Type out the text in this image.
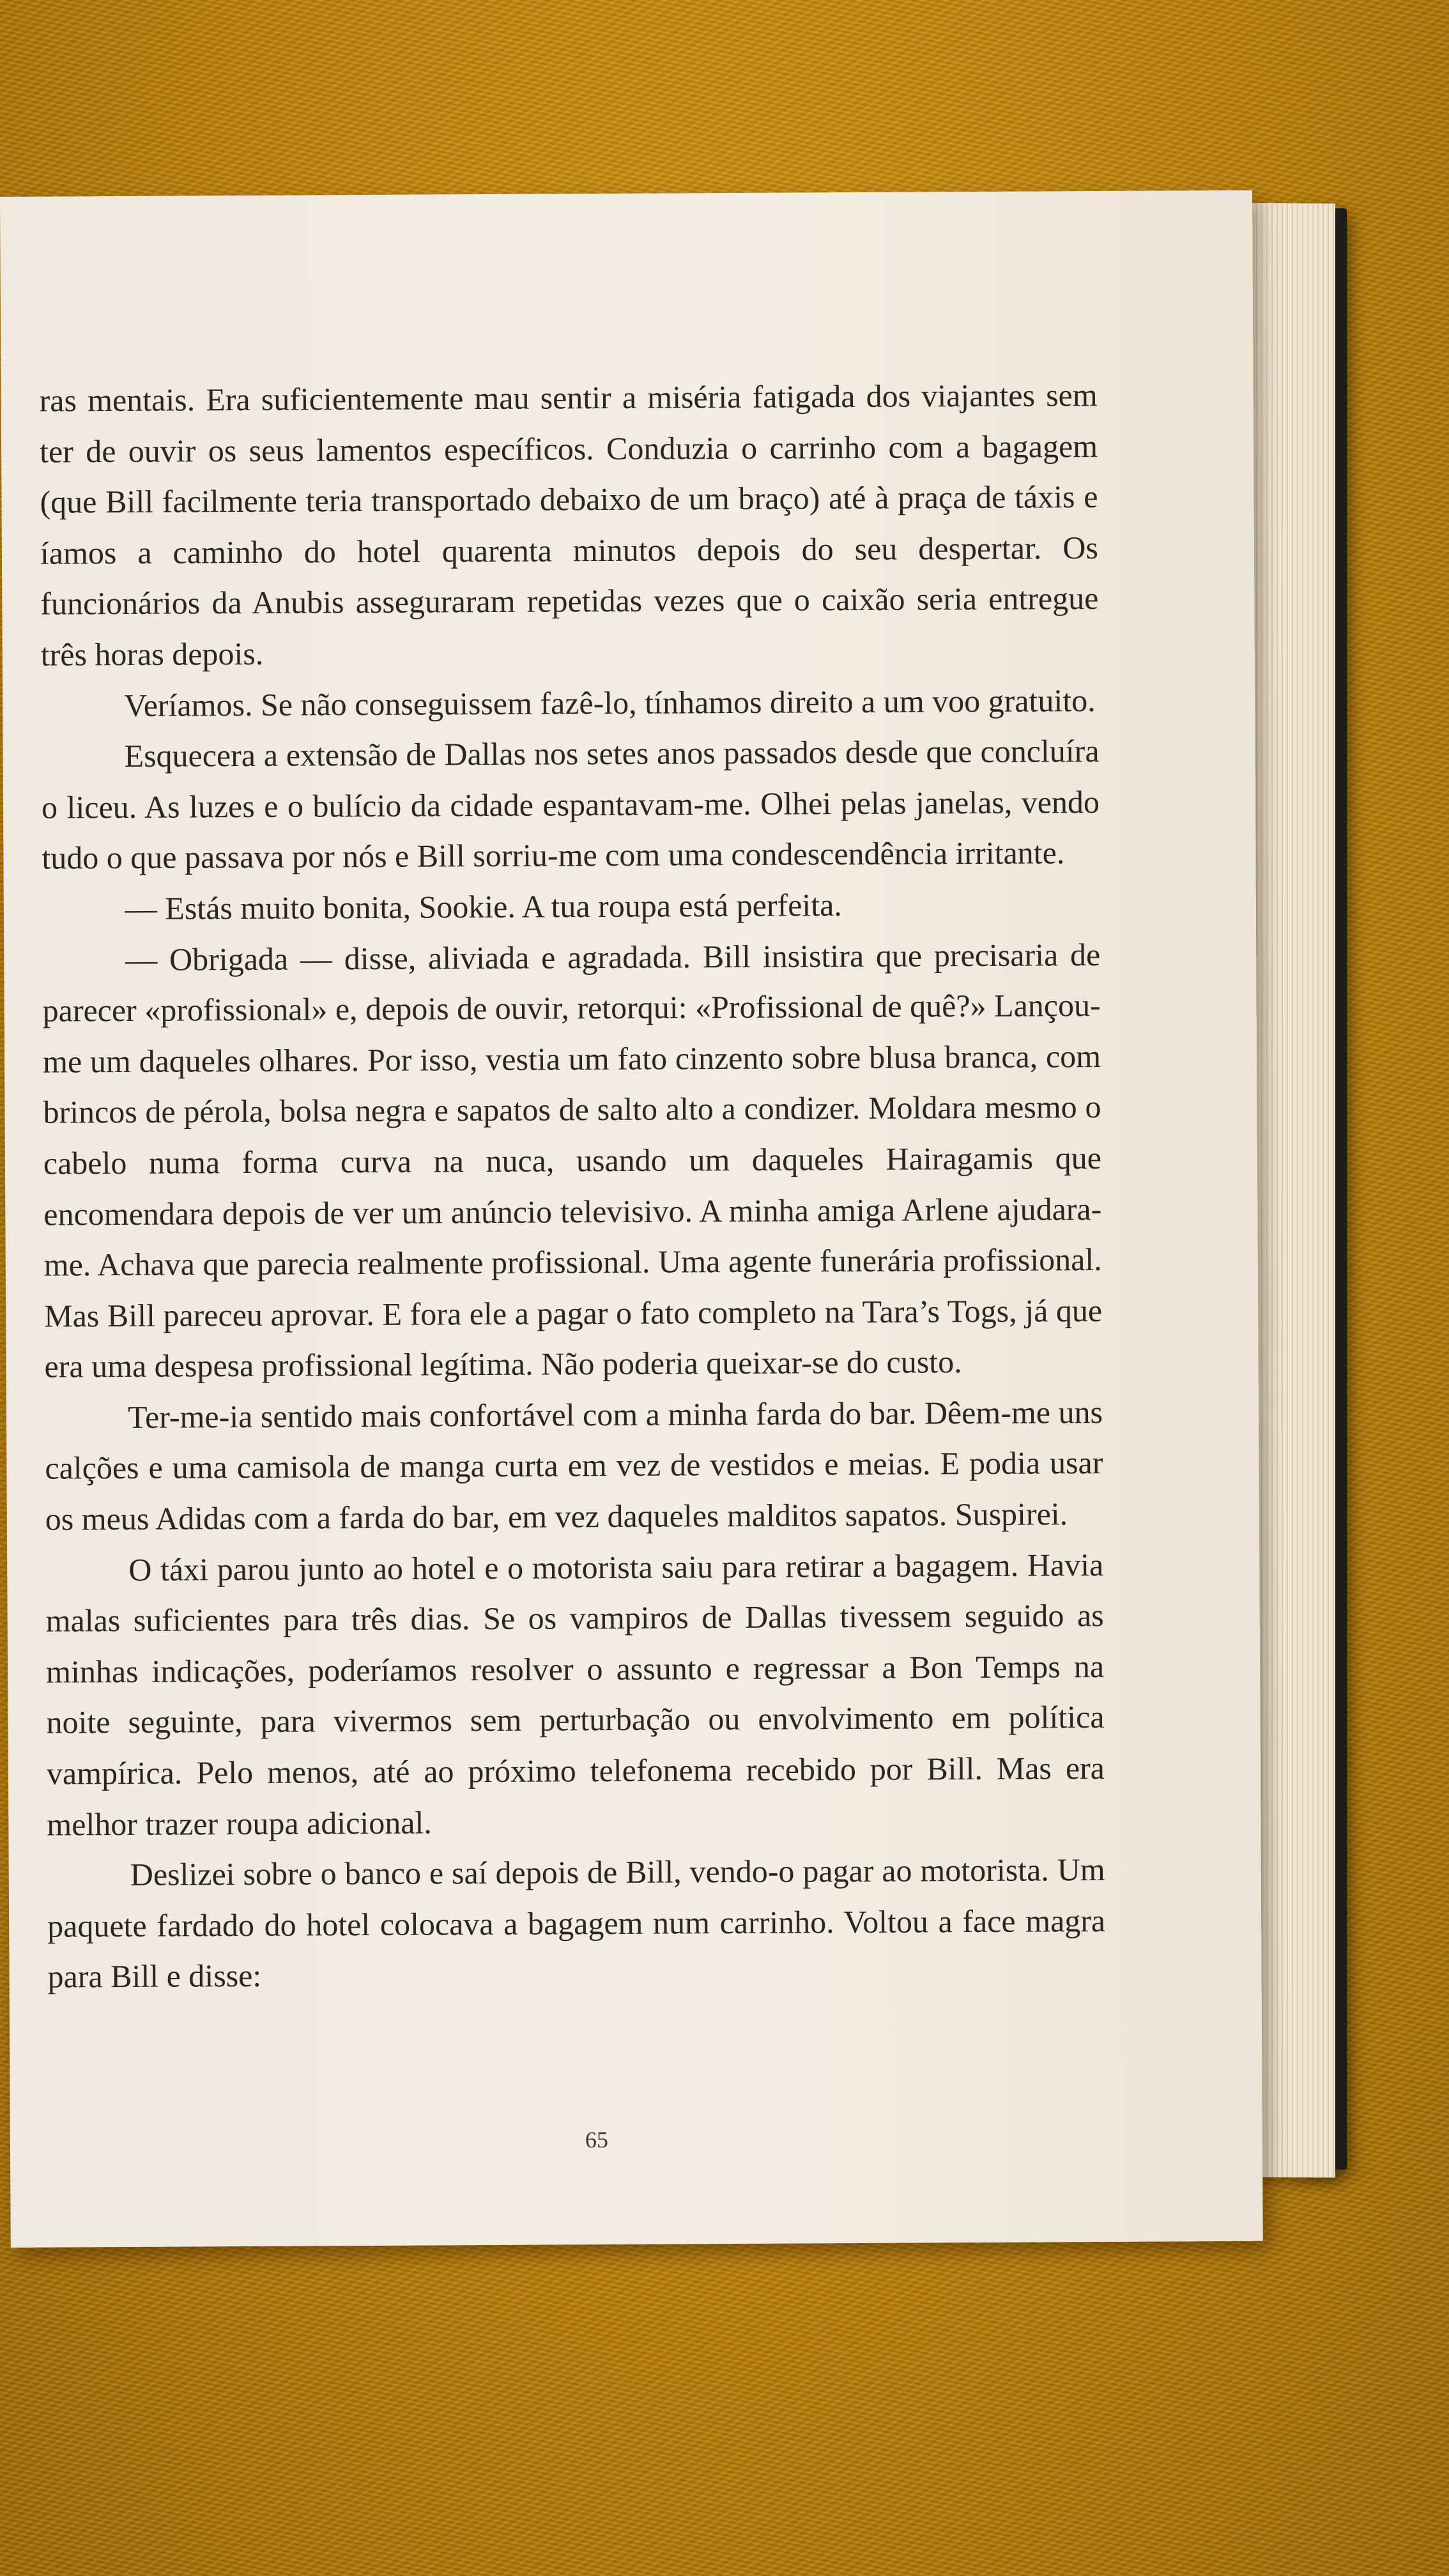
ras mentais. Era suficientemente mau sentir a miséria fatigada dos viajantes sem ter de ouvir os seus lamentos específicos. Conduzia o carrinho com a bagagem (que Bill facilmente teria transportado debaixo de um braço) até à praça de táxis e íamos a caminho do hotel quarenta minutos depois do seu despertar. Os funcionários da Anubis asseguraram repetidas vezes que o caixão seria entregue três horas depois.

Veríamos. Se não conseguissem fazê-lo, tínhamos direito a um voo gratuito.

Esquecera a extensão de Dallas nos setes anos passados desde que concluíra o liceu. As luzes e o bulício da cidade espantavam-me. Olhei pelas janelas, vendo tudo o que passava por nós e Bill sorriu-me com uma condescendência irritante.

— Estás muito bonita, Sookie. A tua roupa está perfeita.

— Obrigada — disse, aliviada e agradada. Bill insistira que precisaria de parecer «profissional» e, depois de ouvir, retorqui: «Profissional de quê?» Lançou-me um daqueles olhares. Por isso, vestia um fato cinzento sobre blusa branca, com brincos de pérola, bolsa negra e sapatos de salto alto a condizer. Moldara mesmo o cabelo numa forma curva na nuca, usando um daqueles Hairagamis que encomendara depois de ver um anúncio televisivo. A minha amiga Arlene ajudara-me. Achava que parecia realmente profissional. Uma agente funerária profissional. Mas Bill pareceu aprovar. E fora ele a pagar o fato completo na Tara’s Togs, já que era uma despesa profissional legítima. Não poderia queixar-se do custo.

Ter-me-ia sentido mais confortável com a minha farda do bar. Dêem-me uns calções e uma camisola de manga curta em vez de vestidos e meias. E podia usar os meus Adidas com a farda do bar, em vez daqueles malditos sapatos. Suspirei.

O táxi parou junto ao hotel e o motorista saiu para retirar a bagagem. Havia malas suficientes para três dias. Se os vampiros de Dallas tivessem seguido as minhas indicações, poderíamos resolver o assunto e regressar a Bon Temps na noite seguinte, para vivermos sem perturbação ou envolvimento em política vampírica. Pelo menos, até ao próximo telefonema recebido por Bill. Mas era melhor trazer roupa adicional.

Deslizei sobre o banco e saí depois de Bill, vendo-o pagar ao motorista. Um paquete fardado do hotel colocava a bagagem num carrinho. Voltou a face magra para Bill e disse:

65
